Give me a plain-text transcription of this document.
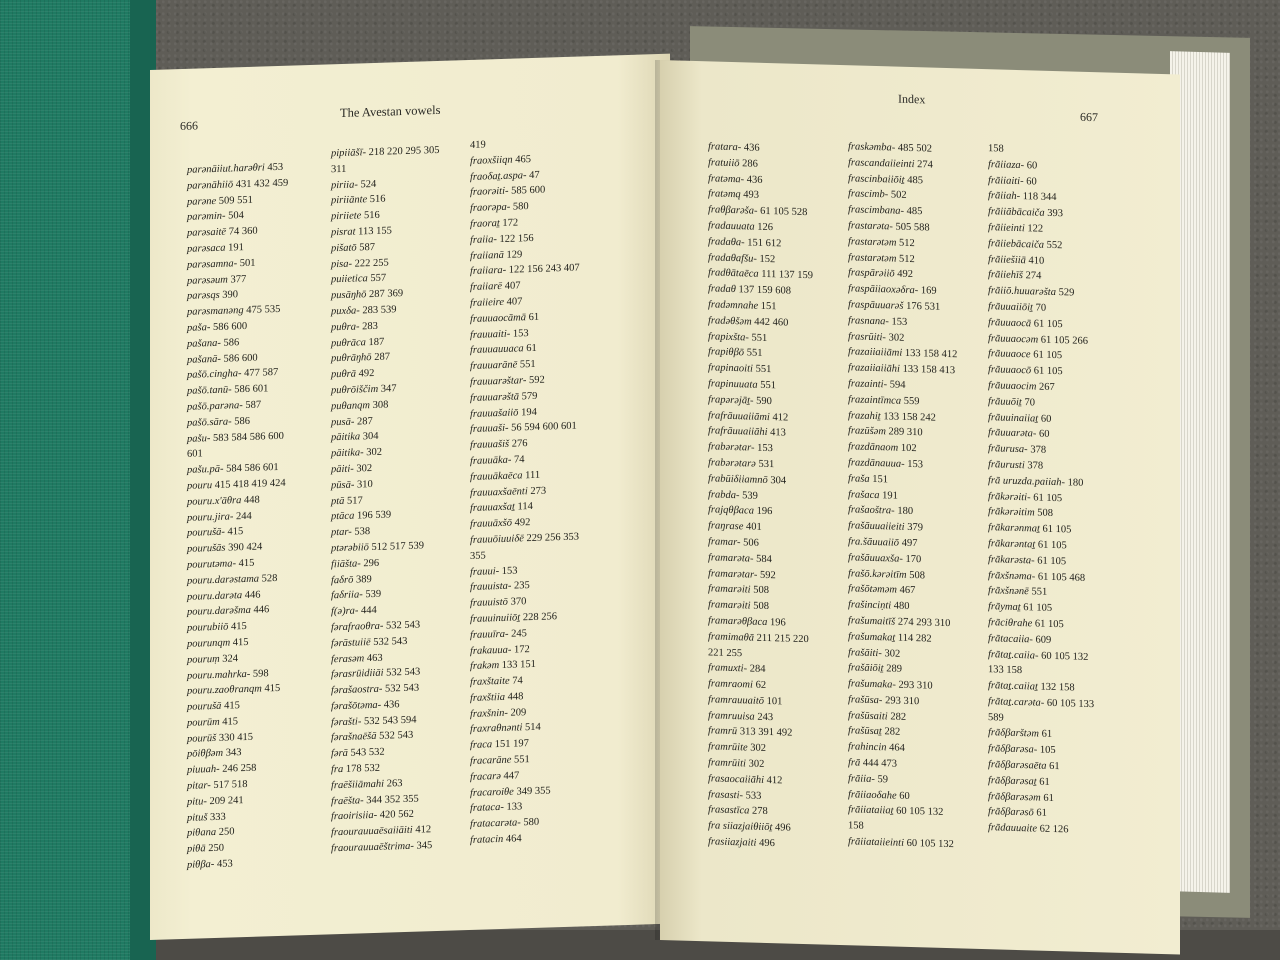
666
The Avestan vowels
parənāiiut.harəθri 453
parənāhiiō 431 432 459
parəne 509 551
parəmin- 504
parəsaitē 74 360
parəsaca 191
parəsamna- 501
parəsəum 377
parəsqs 390
parəsmanəng 475 535
paša- 586 600
pašana- 586
pašanā- 586 600
pašō.cingha- 477 587
pašō.tanū- 586 601
pašō.parəna- 587
pašō.sāra- 586
pašu- 583 584 586 600
601
pašu.pā- 584 586 601
pouru 415 418 419 424
pouru.x'āθra 448
pouru.jira- 244
pourušā- 415
pourušās 390 424
pourutəma- 415
pouru.darəstama 528
pouru.darəta 446
pouru.darəšma 446
pourubiiō 415
pourunqm 415
pouruṃ 324
pouru.mahrka- 598
pouru.zaoθranqm 415
pourušā 415
pourūm 415
pourūš 330 415
pōiθβəm 343
piuuah- 246 258
pitar- 517 518
pitu- 209 241
pituš 333
piθana 250
piθā 250
piθβa- 453
pipiiāšī- 218 220 295 305
311
piriia- 524
piriiānte 516
piriiete 516
pisrat 113 155
pišatō 587
pisa- 222 255
puiietica 557
pusāŋhō 287 369
puxδa- 283 539
puθra- 283
puθrāca 187
puθrāŋhō 287
puθrā 492
puθrōiščim 347
puθanqm 308
pusā- 287
pāitika 304
pāitika- 302
pāiti- 302
pūsā- 310
ptā 517
ptāca 196 539
ptar- 538
ptərəbiiō 512 517 539
fiiāšta- 296
faδrō 389
faδriia- 539
f(ə)ra- 444
fərafraoθra- 532 543
fərāstuiiē 532 543
ferasəm 463
fərasrūidiiāi 532 543
fərašaostra- 532 543
fərašōtəma- 436
fərašti- 532 543 594
fərašnaēšā 532 543
fərā 543 532
fra 178 532
fraēšiiāmahi 263
fraēšta- 344 352 355
fraoirisiia- 420 562
fraourauuaēsaiiāiti 412
fraourauuaēštrima- 345
419
fraoxšiiqn 465
fraoδaṯ.aspa- 47
fraorəiti- 585 600
fraorəpa- 580
fraoraṯ 172
fraiia- 122 156
fraiianā 129
fraiiara- 122 156 243 407
fraiiarē 407
fraiieire 407
frauuaocāmā 61
frauuaiti- 153
frauuauuaca 61
frauuarānē 551
frauuarəštar- 592
frauuarəštā 579
frauuašaiiō 194
frauuaši- 56 594 600 601
frauuašiš 276
frauuāka- 74
frauuākaēca 111
frauuaxšaēnti 273
frauuaxšaṯ 114
frauuāxšō 492
frauuōiuuiδē 229 256 353
355
frauui- 153
frauuista- 235
frauuistō 370
frauuinuiiōṯ 228 256
frauuīra- 245
frakauua- 172
frakəm 133 151
fraxštaite 74
fraxštiia 448
fraxšnin- 209
fraxraθnənti 514
fraca 151 197
fracarāne 551
fracarə 447
fracaroiθe 349 355
frataca- 133
fratacarəta- 580
fratacin 464
Index
667
fratara- 436
fratuiiō 286
fratəma- 436
fratəmq 493
fraθβarəša- 61 105 528
fradauuata 126
fradaθa- 151 612
fradaθafšu- 152
fradθātaēca 111 137 159
fradaθ 137 159 608
fradəmnahe 151
fradəθšəm 442 460
frapixšta- 551
frapiθβō 551
frapinaoiti 551
frapinuuata 551
frapərəjāṯ- 590
frafrāuuaiiāmi 412
frafrāuuaiiāhi 413
frabərətar- 153
frabərətarə 531
frabūiδiiamnō 304
frabda- 539
frajqθβaca 196
fraŋrase 401
framar- 506
framarəta- 584
framarətar- 592
framarəiti 508
framarəiti 508
framarəθβaca 196
framimaθā 211 215 220
221 255
framuxti- 284
framraomi 62
framrauuaitō 101
framruuisa 243
framrū 313 391 492
framrūite 302
framrūiti 302
frasaocaiiāhi 412
frasasti- 533
frasastīca 278
fra siiazjaiθiiōṯ 496
frasiiazjaiti 496
fraskəmba- 485 502
frascandaiieinti 274
frascinbaiiōiṯ 485
frascimb- 502
frascimbana- 485
frastarəta- 505 588
frastarətəm 512
frastarətəm 512
fraspārəiiō 492
fraspāiiaoxəδra- 169
fraspāuuarəš 176 531
frasnana- 153
frasrūiti- 302
frazaiiaiiāmi 133 158 412
frazaiiaiiāhi 133 158 413
frazainti- 594
frazaintīmca 559
frazahiṯ 133 158 242
frazūšəm 289 310
frazdānaom 102
frazdānauua- 153
fraša 151
frašaca 191
frašaoštra- 180
frašāuuaiieiti 379
fra.šāuuaiiō 497
frašāuuaxša- 170
frašō.kərəitīm 508
frašōtəməm 467
frašinciṇti 480
frašumaitīš 274 293 310
frašumakaṯ 114 282
frašāiti- 302
frašāiōiṯ 289
frašumaka- 293 310
frašūsa- 293 310
frašūsaiti 282
frašūsaṯ 282
frahincin 464
frā 444 473
frāiia- 59
frāiiaoδahe 60
frāiiataiiaṯ 60 105 132
158
frāiiataiieinti 60 105 132
158
frāiiaza- 60
frāiiaiti- 60
frāiiah- 118 344
frāiiābācaiča 393
frāiieinti 122
frāiiebācaiča 552
frāiiešiiā 410
frāiiehīš 274
frāiiō.huuarəšta 529
frāuuaiiōiṯ 70
frāuuaocā 61 105
frāuuaocəm 61 105 266
frāuuaoce 61 105
frāuuaocō 61 105
frāuuaocim 267
frāuuōiṯ 70
frāuuinaiiaṯ 60
frāuuarəta- 60
frāurusa- 378
frāurusti 378
frā uruzda.paiiah- 180
frākərəiti- 61 105
frākərəitim 508
frākarənmaṯ 61 105
frākarəntaṯ 61 105
frākarəsta- 61 105
frāxšnəma- 61 105 468
frāxšnənē 551
frāymaṯ 61 105
frāciθrahe 61 105
frātacaiia- 609
frātaṯ.caiia- 60 105 132
133 158
frātaṯ.caiiaṯ 132 158
frātaṯ.carəta- 60 105 133
589
frāδβarštəm 61
frāδβarəsa- 105
frāδβarəsaēta 61
frāδβarəsaṯ 61
frāδβarəsəm 61
frāδβarəsō 61
frādauuaite 62 126
